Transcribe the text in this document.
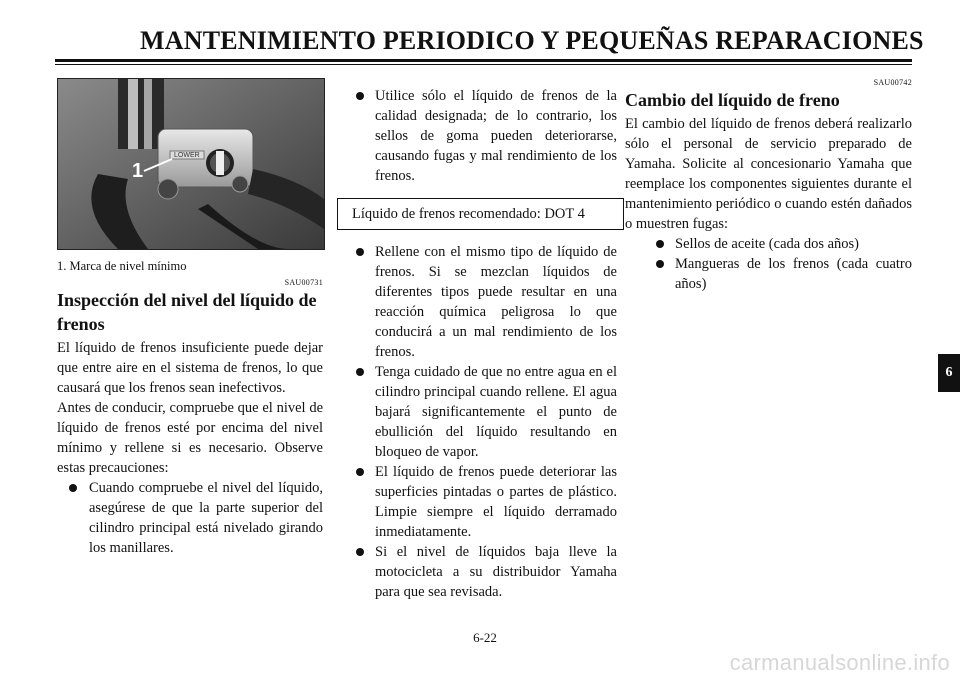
MANTENIMIENTO PERIODICO Y PEQUEÑAS REPARACIONES
1
LOWER
1. Marca de nivel mínimo
SAU00731
Inspección del nivel del líquido de frenos

El líquido de frenos insuficiente puede dejar que entre aire en el sistema de frenos, lo que causará que los frenos sean inefectivos.

Antes de conducir, compruebe que el nivel de líquido de frenos esté por encima del nivel mínimo y rellene si es necesario. Observe estas precauciones:

Cuando compruebe el nivel del líquido, asegúrese de que la parte superior del cilindro principal está nivelado girando los manillares.
Utilice sólo el líquido de frenos de la calidad designada; de lo contrario, los sellos de goma pueden deteriorarse, causando fugas y mal rendimiento de los frenos.
Líquido de frenos recomendado: DOT 4
Rellene con el mismo tipo de líquido de frenos. Si se mezclan líquidos de diferentes tipos puede resultar en una reacción química peligrosa lo que conducirá a un mal rendimiento de los frenos.
Tenga cuidado de que no entre agua en el cilindro principal cuando rellene. El agua bajará significantemente el punto de ebullición del líquido resultando en bloqueo de vapor.
El líquido de frenos puede deteriorar las superficies pintadas o partes de plástico. Limpie siempre el líquido derramado inmediatamente.
Si el nivel de líquidos baja lleve la motocicleta a su distribuidor Yamaha para que sea revisada.
SAU00742
Cambio del líquido de freno

El cambio del líquido de frenos deberá realizarlo sólo el personal de servicio preparado de Yamaha. Solicite al concesionario Yamaha que reemplace los componentes siguientes durante el mantenimiento periódico o cuando estén dañados o muestren fugas:

Sellos de aceite (cada dos años)
Mangueras de los frenos (cada cuatro años)
6
6-22
carmanualsonline.info
